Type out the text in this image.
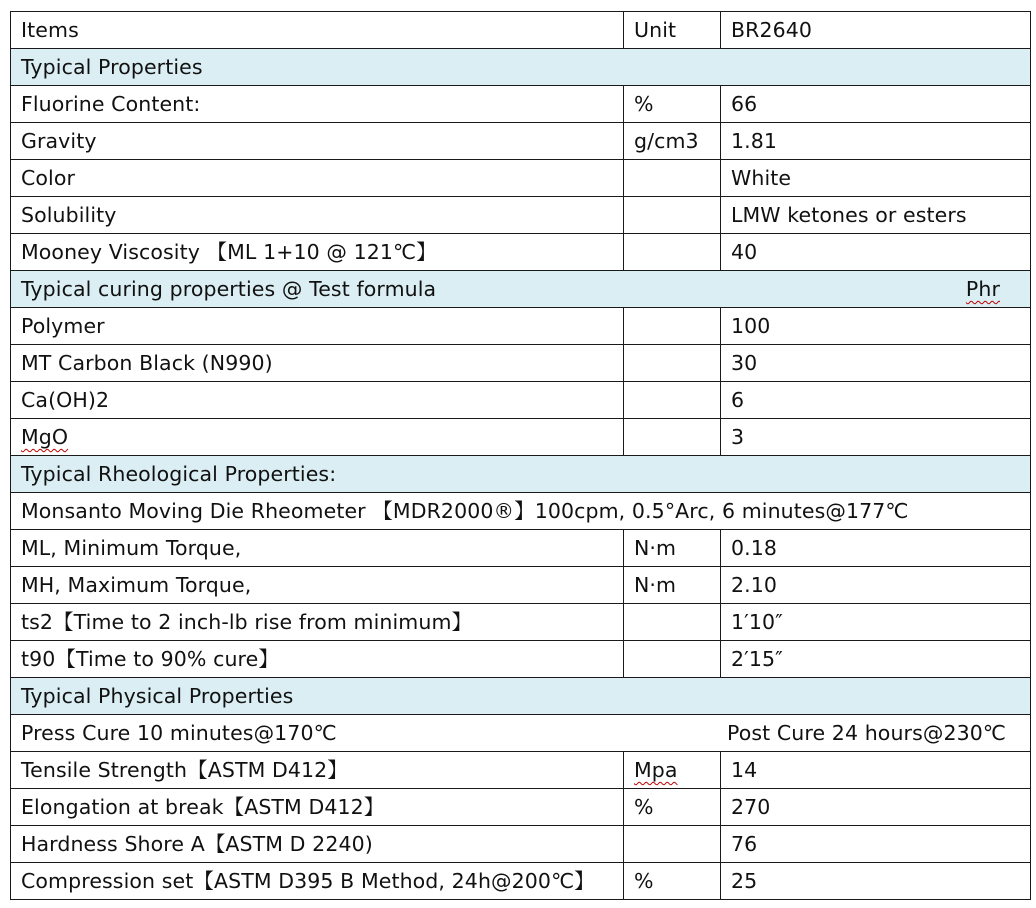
Items	Unit	BR2640
Typical Properties		
Fluorine Content:	%	66
Gravity	g/cm3	1.81
Color		White
Solubility		LMW ketones or esters
Mooney Viscosity 【ML 1+10 @ 121℃】		40

Typical curing properties @ Test formula Phr		

Polymer		100
MT Carbon Black (N990)		30
Ca(OH)2		6
MgO		3
Typical Rheological Properties:		
Monsanto Moving Die Rheometer 【MDR2000®】100cpm, 0.5°Arc, 6 minutes@177℃		
ML, Minimum Torque,	N·m	0.18
MH, Maximum Torque,	N·m	2.10
ts2【Time to 2 inch-lb rise from minimum】		1′10″
t90【Time to 90% cure】		2′15″
Typical Physical Properties		

Press Cure 10 minutes@170℃ Post Cure 24 hours@230℃		

Tensile Strength【ASTM D412】	Mpa	14
Elongation at break【ASTM D412】	%	270
Hardness Shore A【ASTM D 2240)		76
Compression set【ASTM D395 B Method, 24h@200℃】	%	25
